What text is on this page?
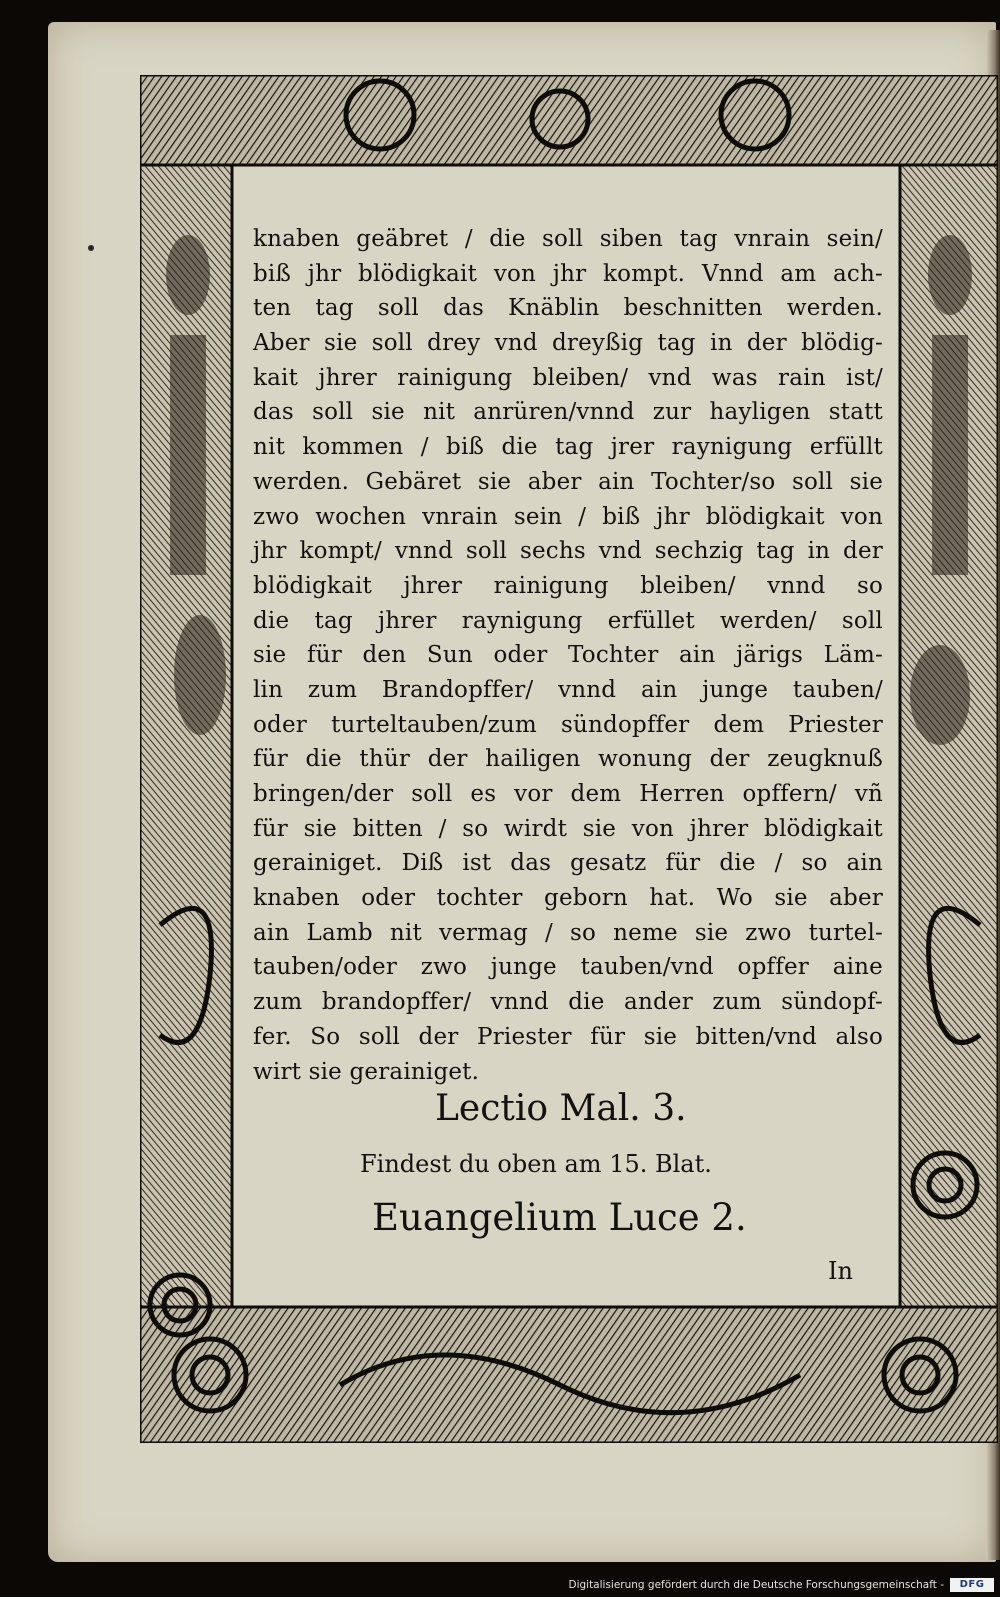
knaben geäbret / die soll siben tag vnrain sein/
biß jhr blödigkait von jhr kompt. Vnnd am ach-
ten tag soll das Knäblin beschnitten werden.
Aber sie soll drey vnd dreyßig tag in der blödig-
kait jhrer rainigung bleiben/ vnd was rain ist/
das soll sie nit anrüren/vnnd zur hayligen statt
nit kommen / biß die tag jrer raynigung erfüllt
werden. Gebäret sie aber ain Tochter/so soll sie
zwo wochen vnrain sein / biß jhr blödigkait von
jhr kompt/ vnnd soll sechs vnd sechzig tag in der
blödigkait jhrer rainigung bleiben/ vnnd so
die tag jhrer raynigung erfüllet werden/ soll
sie für den Sun oder Tochter ain järigs Läm-
lin zum Brandopffer/ vnnd ain junge tauben/
oder turteltauben/zum sündopffer dem Priester
für die thür der hailigen wonung der zeugknuß
bringen/der soll es vor dem Herren opffern/ vñ
für sie bitten / so wirdt sie von jhrer blödigkait
gerainiget. Diß ist das gesatz für die / so ain
knaben oder tochter geborn hat. Wo sie aber
ain Lamb nit vermag / so neme sie zwo turtel-
tauben/oder zwo junge tauben/vnd opffer aine
zum brandopffer/ vnnd die ander zum sündopf-
fer. So soll der Priester für sie bitten/vnd also
wirt sie gerainiget.
Lectio Mal. 3.
Findest du oben am 15. Blat.
Euangelium Luce 2.
In
Digitalisierung gefördert durch die Deutsche Forschungsgemeinschaft -	DFG
